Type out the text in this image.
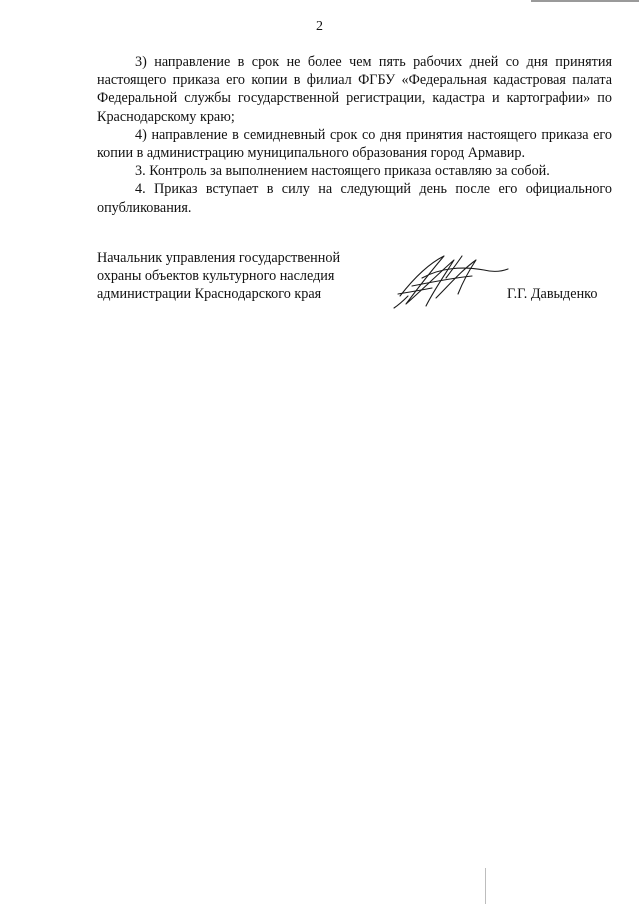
2

3) направление в срок не более чем пять рабочих дней со дня принятия настоящего приказа его копии в филиал ФГБУ «Федеральная кадастровая палата Федеральной службы государственной регистрации, кадастра и картографии» по Краснодарскому краю;

4) направление в семидневный срок со дня принятия настоящего приказа его копии в администрацию муниципального образования город Армавир.

3. Контроль за выполнением настоящего приказа оставляю за собой.

4. Приказ вступает в силу на следующий день после его официального опубликования.

Начальник управления государственной
охраны объектов культурного наследия
администрации Краснодарского края	Г.Г. Давыденко
